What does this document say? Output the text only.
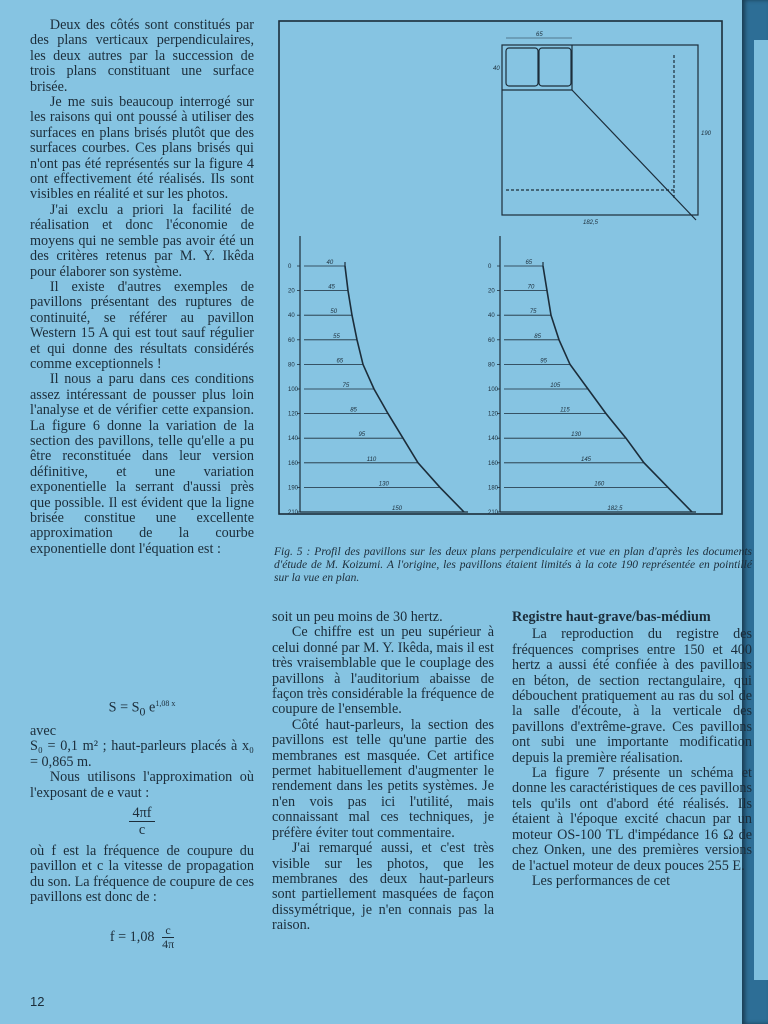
Deux des côtés sont constitués par des plans verticaux perpendiculaires, les deux autres par la succession de trois plans constituant une surface brisée.

Je me suis beaucoup interrogé sur les raisons qui ont poussé à utiliser des surfaces en plans brisés plutôt que des surfaces courbes. Ces plans brisés qui n'ont pas été représentés sur la figure 4 ont effectivement été réalisés. Ils sont visibles en réalité et sur les photos.

J'ai exclu a priori la facilité de réalisation et donc l'économie de moyens qui ne semble pas avoir été un des critères retenus par M. Y. Ikêda pour élaborer son système.

Il existe d'autres exemples de pavillons présentant des ruptures de continuité, se référer au pavillon Western 15 A qui est tout sauf régulier et qui donne des résultats considérés comme exceptionnels !

Il nous a paru dans ces conditions assez intéressant de pousser plus loin l'analyse et de vérifier cette expansion. La figure 6 donne la variation de la section des pavillons, telle qu'elle a pu être reconstituée dans leur version définitive, et une variation exponentielle la serrant d'aussi près que possible. Il est évident que la ligne brisée constitue une excellente approximation de la courbe exponentielle dont l'équation est :

$S = S_0$ $e^{1,08 x}$

avec

S₀ = 0,1 m² ; haut-parleurs placés à x₀ = 0,865 m.

Nous utilisons l'approximation où l'exposant de e vaut :

$\frac{4\pi f}{c}$

où f est la fréquence de coupure du pavillon et c la vitesse de propagation du son. La fréquence de coupure de ces pavillons est donc de :

$f = 1,08 \frac{c}{4\pi}$

65
40
190
182,5
0
40
20
45
40
50
60
55
80
65
100
75
120
85
140
95
160
110
190
130
210
150
0
65
20
70
40
75
60
85
80
95
100
105
120
115
140
130
160
145
180
160
210
182,5
Fig. 5 : Profil des pavillons sur les deux plans perpendiculaire et vue en plan d'après les documents d'étude de M. Koizumi. A l'origine, les pavillons étaient limités à la cote 190 représentée en pointillé sur la vue en plan.

soit un peu moins de 30 hertz.

Ce chiffre est un peu supérieur à celui donné par M. Y. Ikêda, mais il est très vraisemblable que le couplage des pavillons à l'auditorium abaisse de façon très considérable la fréquence de coupure de l'ensemble.

Côté haut-parleurs, la section des pavillons est telle qu'une partie des membranes est masquée. Cet artifice permet habituellement d'augmenter le rendement dans les petits systèmes. Je n'en vois pas ici l'utilité, mais connaissant mal ces techniques, je préfère éviter tout commentaire.

J'ai remarqué aussi, et c'est très visible sur les photos, que les membranes des deux haut-parleurs sont partiellement masquées de façon dissymétrique, je n'en connais pas la raison.

Registre haut-grave/bas-médium

La reproduction du registre des fréquences comprises entre 150 et 400 hertz a aussi été confiée à des pavillons en béton, de section rectangulaire, qui débouchent pratiquement au ras du sol de la salle d'écoute, à la verticale des pavillons d'extrême-grave. Ces pavillons ont subi une importante modification depuis la première réalisation.

La figure 7 présente un schéma et donne les caractéristiques de ces pavillons tels qu'ils ont d'abord été réalisés. Ils étaient à l'époque excité chacun par un moteur OS-100 TL d'impédance 16 Ω de chez Onken, une des premières versions de l'actuel moteur de deux pouces 255 E.

Les performances de cet

12
